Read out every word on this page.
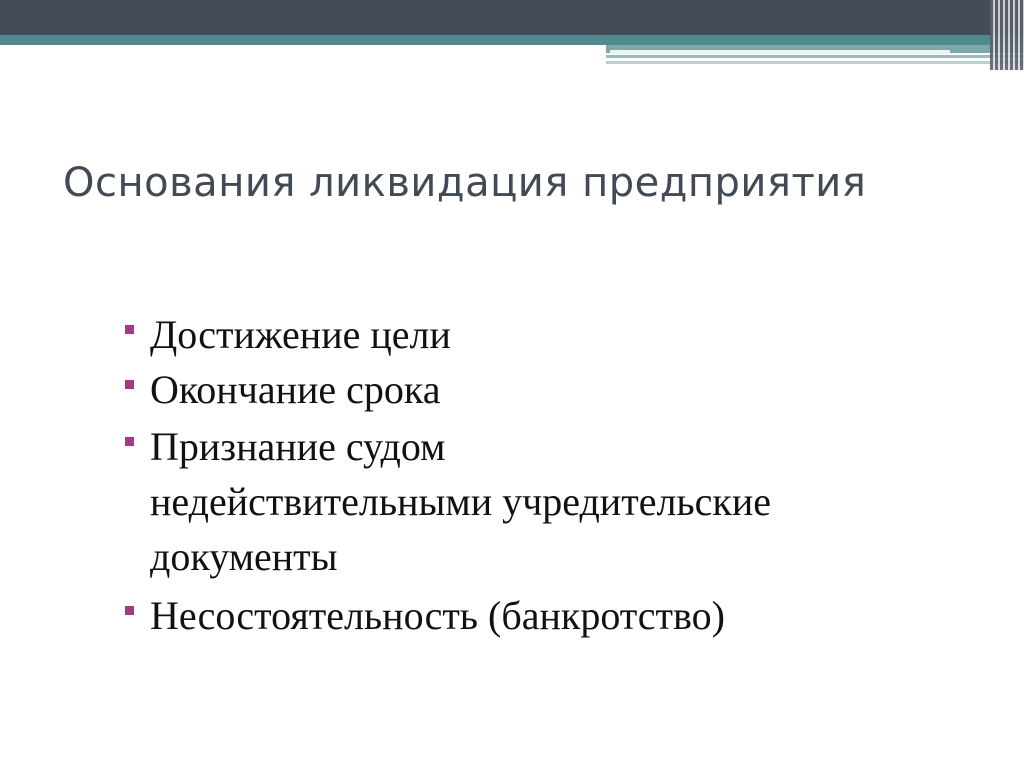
Основания ликвидация предприятия
Достижение цели
Окончание срока
Признание судом недействительными учредительские документы
Несостоятельность (банкротство)
